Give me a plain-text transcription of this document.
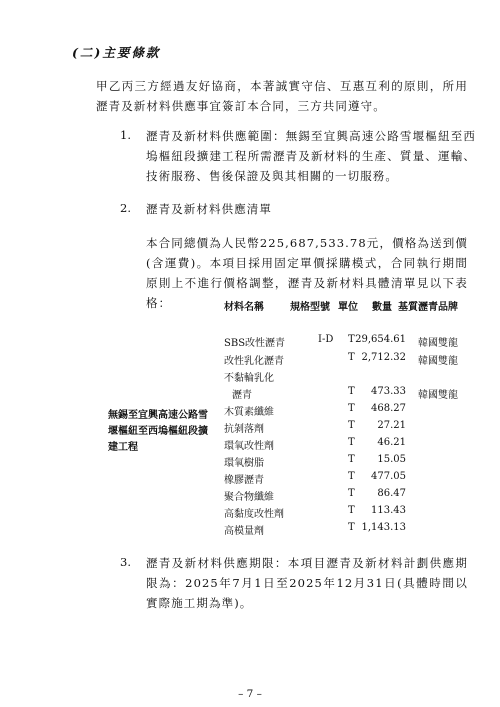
(二)主要條款
甲乙丙三方經過友好協商，本著誠實守信、互惠互利的原則，所用瀝青及新材料供應事宜簽訂本合同，三方共同遵守。
1. 瀝青及新材料供應範圍：無錫至宜興高速公路雪堰樞紐至西塢樞紐段擴建工程所需瀝青及新材料的生產、質量、運輸、技術服務、售後保證及與其相關的一切服務。
2. 瀝青及新材料供應清單
本合同總價為人民幣225,687,533.78元，價格為送到價(含運費)。本項目採用固定單價採購模式，合同執行期間原則上不進行價格調整，瀝青及新材料具體清單見以下表格：	材料名稱	規格型號 單位 數量 基質瀝青品牌
無錫至宜興高速公路雪堰樞紐至西塢樞紐段擴建工程
SBS改性瀝青	I-D T 29,654.61 韓國雙龍
改性乳化瀝青	T 2,712.32 韓國雙龍
不黏輪乳化
瀝青	T	473.33 韓國雙龍
木質素纖維	T	468.27
抗剝落劑	T	27.21
環氧改性劑	T	46.21
環氧樹脂	T	15.05
橡膠瀝青	T	477.05
聚合物纖維	T	86.47
高黏度改性劑	T	113.43
高模量劑	T 1,143.13
3. 瀝青及新材料供應期限：本項目瀝青及新材料計劃供應期限為：2025年7月1日至2025年12月31日(具體時間以實際施工期為準)。
– 7 –
